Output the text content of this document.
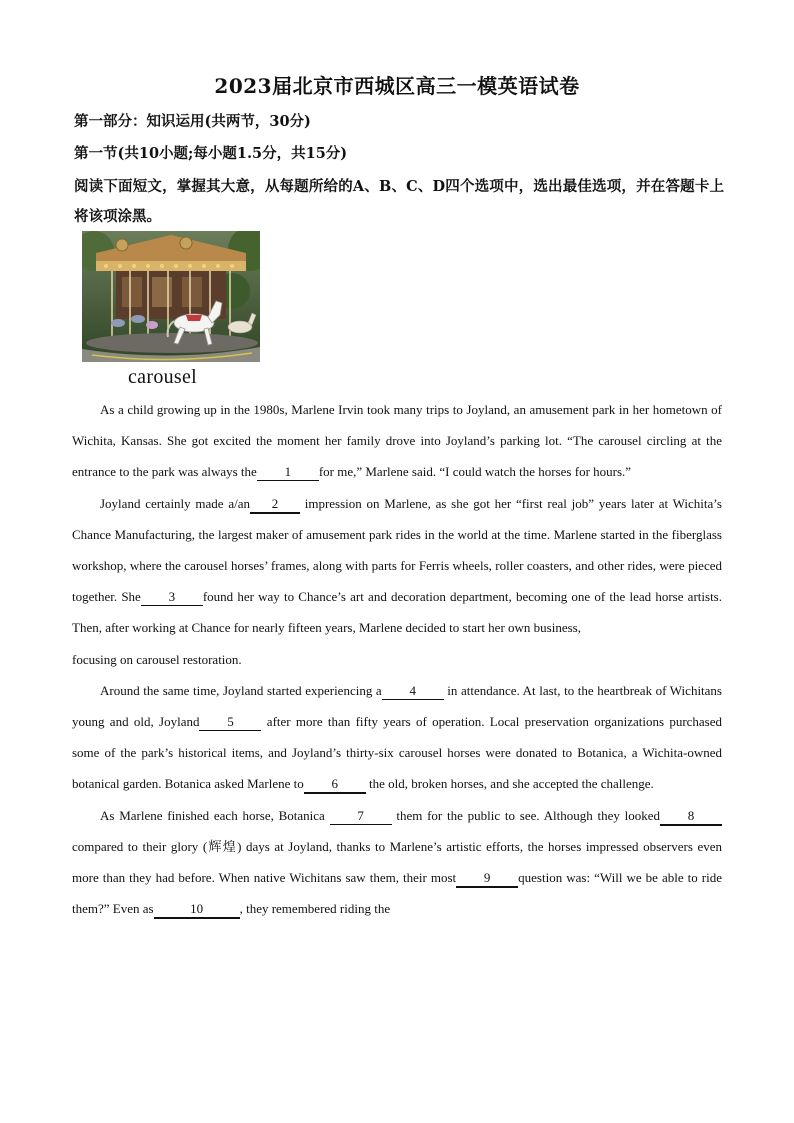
2023届北京市西城区高三一模英语试卷
第一部分：知识运用(共两节，30分)
第一节(共10小题;每小题1.5分，共15分)
阅读下面短文，掌握其大意，从每题所给的A、B、C、D四个选项中，选出最佳选项，并在答题卡上将该项涂黑。
carousel

As a child growing up in the 1980s, Marlene Irvin took many trips to Joyland, an amusement park in her hometown of Wichita, Kansas. She got excited the moment her family drove into Joyland’s parking lot. “The carousel circling at the entrance to the park was always the 1 for me,” Marlene said. “I could watch the horses for hours.”

Joyland certainly made a/an 2 impression on Marlene, as she got her “first real job” years later at Wichita’s Chance Manufacturing, the largest maker of amusement park rides in the world at the time. Marlene started in the fiberglass workshop, where the carousel horses’ frames, along with parts for Ferris wheels, roller coasters, and other rides, were pieced together. She 3 found her way to Chance’s art and decoration department, becoming one of the lead horse artists. Then, after working at Chance for nearly fifteen years, Marlene decided to start her own business,

focusing on carousel restoration.

Around the same time, Joyland started experiencing a 4 in attendance. At last, to the heartbreak of Wichitans young and old, Joyland 5	after more than fifty years of operation. Local preservation organizations purchased some of the park’s historical items, and Joyland’s thirty-six carousel horses were donated to Botanica, a Wichita-owned botanical garden. Botanica asked Marlene to 6 the old, broken horses, and she accepted the challenge.

As Marlene finished each horse, Botanica	7	them for the public to see. Although they looked 8compared to their glory (辉煌) days at Joyland, thanks to Marlene’s artistic efforts, the horses impressed observers even more than they had before. When native Wichitans saw them, their most 9 question was: “Will we be able to ride them?” Even as	10	, they remembered riding the
